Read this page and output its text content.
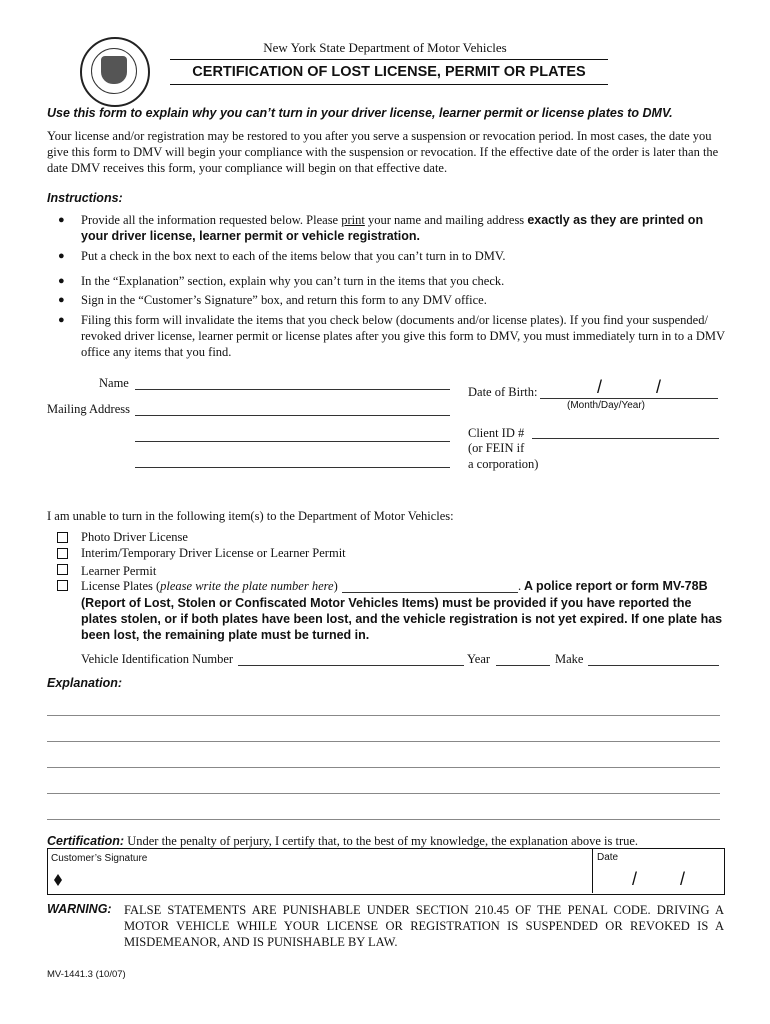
New York State Department of Motor Vehicles
CERTIFICATION OF LOST LICENSE, PERMIT OR PLATES
Use this form to explain why you can’t turn in your driver license, learner permit or license plates to DMV.
Your license and/or registration may be restored to you after you serve a suspension or revocation period. In most cases, the date you give this form to DMV will begin your compliance with the suspension or revocation. If the effective date of the order is later than the date DMV receives this form, your compliance will begin on that effective date.
Instructions:
● Provide all the information requested below. Please print your name and mailing address exactly as they are printed on your driver license, learner permit or vehicle registration.
● Put a check in the box next to each of the items below that you can’t turn in to DMV.
● In the “Explanation” section, explain why you can’t turn in the items that you check.
● Sign in the “Customer’s Signature” box, and return this form to any DMV office.
● Filing this form will invalidate the items that you check below (documents and/or license plates). If you find your suspended/ revoked driver license, learner permit or license plates after you give this form to DMV, you must immediately turn in to a DMV office any items that you find.
Name
Mailing Address
Date of Birth:	/	/
(Month/Day/Year)
Client ID #
(or FEIN if
a corporation)
I am unable to turn in the following item(s) to the Department of Motor Vehicles:
Photo Driver License
Interim/Temporary Driver License or Learner Permit
Learner Permit
License Plates (please write the plate number here)	. A police report or form MV-78B
(Report of Lost, Stolen or Confiscated Motor Vehicles Items) must be provided if you have reported the plates stolen, or if both plates have been lost, and the vehicle registration is not yet expired. If one plate has been lost, the remaining plate must be turned in.
Vehicle Identification Number	Year	Make
Explanation:
Certification: Under the penalty of perjury, I certify that, to the best of my knowledge, the explanation above is true.
Customer’s Signature	Date
/ /
WARNING: FALSE STATEMENTS ARE PUNISHABLE UNDER SECTION 210.45 OF THE PENAL CODE. DRIVING A MOTOR VEHICLE WHILE YOUR LICENSE OR REGISTRATION IS SUSPENDED OR REVOKED IS A MISDEMEANOR, AND IS PUNISHABLE BY LAW.
MV-1441.3 (10/07)
